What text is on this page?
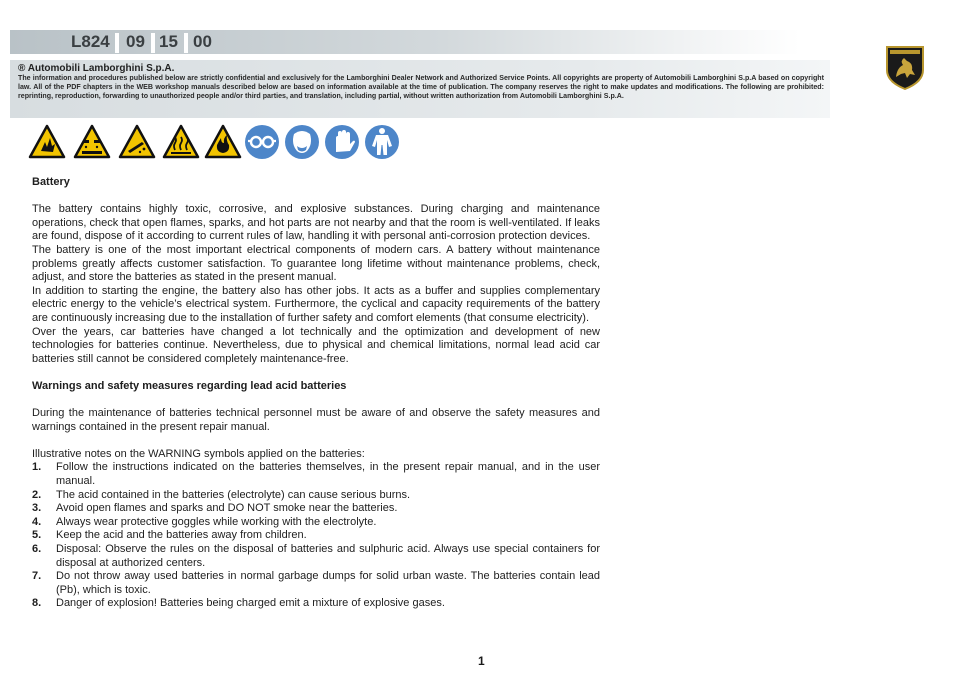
L824 09 15 00
® Automobili Lamborghini S.p.A.
The information and procedures published below are strictly confidential and exclusively for the Lamborghini Dealer Network and Authorized Service Points. All copyrights are property of Automobili Lamborghini S.p.A based on copyright law. All of the PDF chapters in the WEB workshop manuals described below are based on information available at the time of publication. The company reserves the right to make updates and modifications. The following are prohibited: reprinting, reproduction, forwarding to unauthorized people and/or third parties, and translation, including partial, without written authorization from Automobili Lamborghini S.p.A.

Battery

The battery contains highly toxic, corrosive, and explosive substances. During charging and maintenance operations, check that open flames, sparks, and hot parts are not nearby and that the room is well-ventilated. If leaks are found, dispose of it according to current rules of law, handling it with personal anti-corrosion protection devices.

The battery is one of the most important electrical components of modern cars. A battery without maintenance problems greatly affects customer satisfaction. To guarantee long lifetime without maintenance problems, check, adjust, and store the batteries as stated in the present manual.

In addition to starting the engine, the battery also has other jobs. It acts as a buffer and supplies complementary electric energy to the vehicle’s electrical system. Furthermore, the cyclical and capacity requirements of the battery are continuously increasing due to the installation of further safety and comfort elements (that consume electricity).

Over the years, car batteries have changed a lot technically and the optimization and development of new technologies for batteries continue. Nevertheless, due to physical and chemical limitations, normal lead acid car batteries still cannot be considered completely maintenance-free.

Warnings and safety measures regarding lead acid batteries

During the maintenance of batteries technical personnel must be aware of and observe the safety measures and warnings contained in the present repair manual.

Illustrative notes on the WARNING symbols applied on the batteries:

1.	Follow the instructions indicated on the batteries themselves, in the present repair manual, and in the user manual.
2.	The acid contained in the batteries (electrolyte) can cause serious burns.
3.	Avoid open flames and sparks and DO NOT smoke near the batteries.
4.	Always wear protective goggles while working with the electrolyte.
5.	Keep the acid and the batteries away from children.
6.	Disposal: Observe the rules on the disposal of batteries and sulphuric acid. Always use special containers for disposal at authorized centers.
7.	Do not throw away used batteries in normal garbage dumps for solid urban waste. The batteries contain lead (Pb), which is toxic.
8.	Danger of explosion! Batteries being charged emit a mixture of explosive gases.
1
